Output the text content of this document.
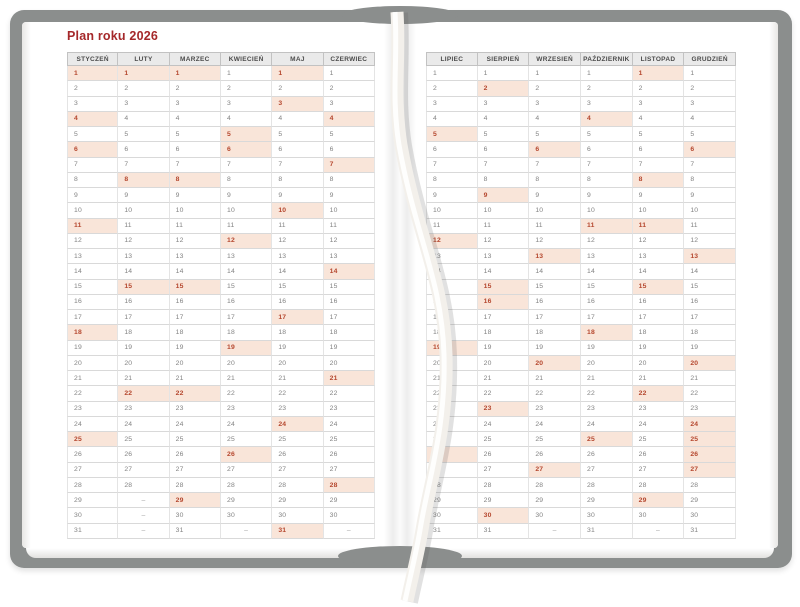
Plan roku 2026
STYCZEŃ	LUTY	MARZEC	KWIECIEŃ	MAJ	CZERWIEC
1	1	1	1	1	1
2	2	2	2	2	2
3	3	3	3	3	3
4	4	4	4	4	4
5	5	5	5	5	5
6	6	6	6	6	6
7	7	7	7	7	7
8	8	8	8	8	8
9	9	9	9	9	9
10	10	10	10	10	10
11	11	11	11	11	11
12	12	12	12	12	12
13	13	13	13	13	13
14	14	14	14	14	14
15	15	15	15	15	15
16	16	16	16	16	16
17	17	17	17	17	17
18	18	18	18	18	18
19	19	19	19	19	19
20	20	20	20	20	20
21	21	21	21	21	21
22	22	22	22	22	22
23	23	23	23	23	23
24	24	24	24	24	24
25	25	25	25	25	25
26	26	26	26	26	26
27	27	27	27	27	27
28	28	28	28	28	28
29	–	29	29	29	29
30	–	30	30	30	30
31	–	31	–	31	–
LIPIEC	SIERPIEŃ	WRZESIEŃ	PAŹDZIERNIK	LISTOPAD	GRUDZIEŃ
1	1	1	1	1	1
2	2	2	2	2	2
3	3	3	3	3	3
4	4	4	4	4	4
5	5	5	5	5	5
6	6	6	6	6	6
7	7	7	7	7	7
8	8	8	8	8	8
9	9	9	9	9	9
10	10	10	10	10	10
11	11	11	11	11	11
12	12	12	12	12	12
13	13	13	13	13	13
14	14	14	14	14	14
15	15	15	15	15	15
16	16	16	16	16	16
17	17	17	17	17	17
18	18	18	18	18	18
19	19	19	19	19	19
20	20	20	20	20	20
21	21	21	21	21	21
22	22	22	22	22	22
23	23	23	23	23	23
24	24	24	24	24	24
25	25	25	25	25	25
26	26	26	26	26	26
27	27	27	27	27	27
28	28	28	28	28	28
29	29	29	29	29	29
30	30	30	30	30	30
31	31	–	31	–	31
